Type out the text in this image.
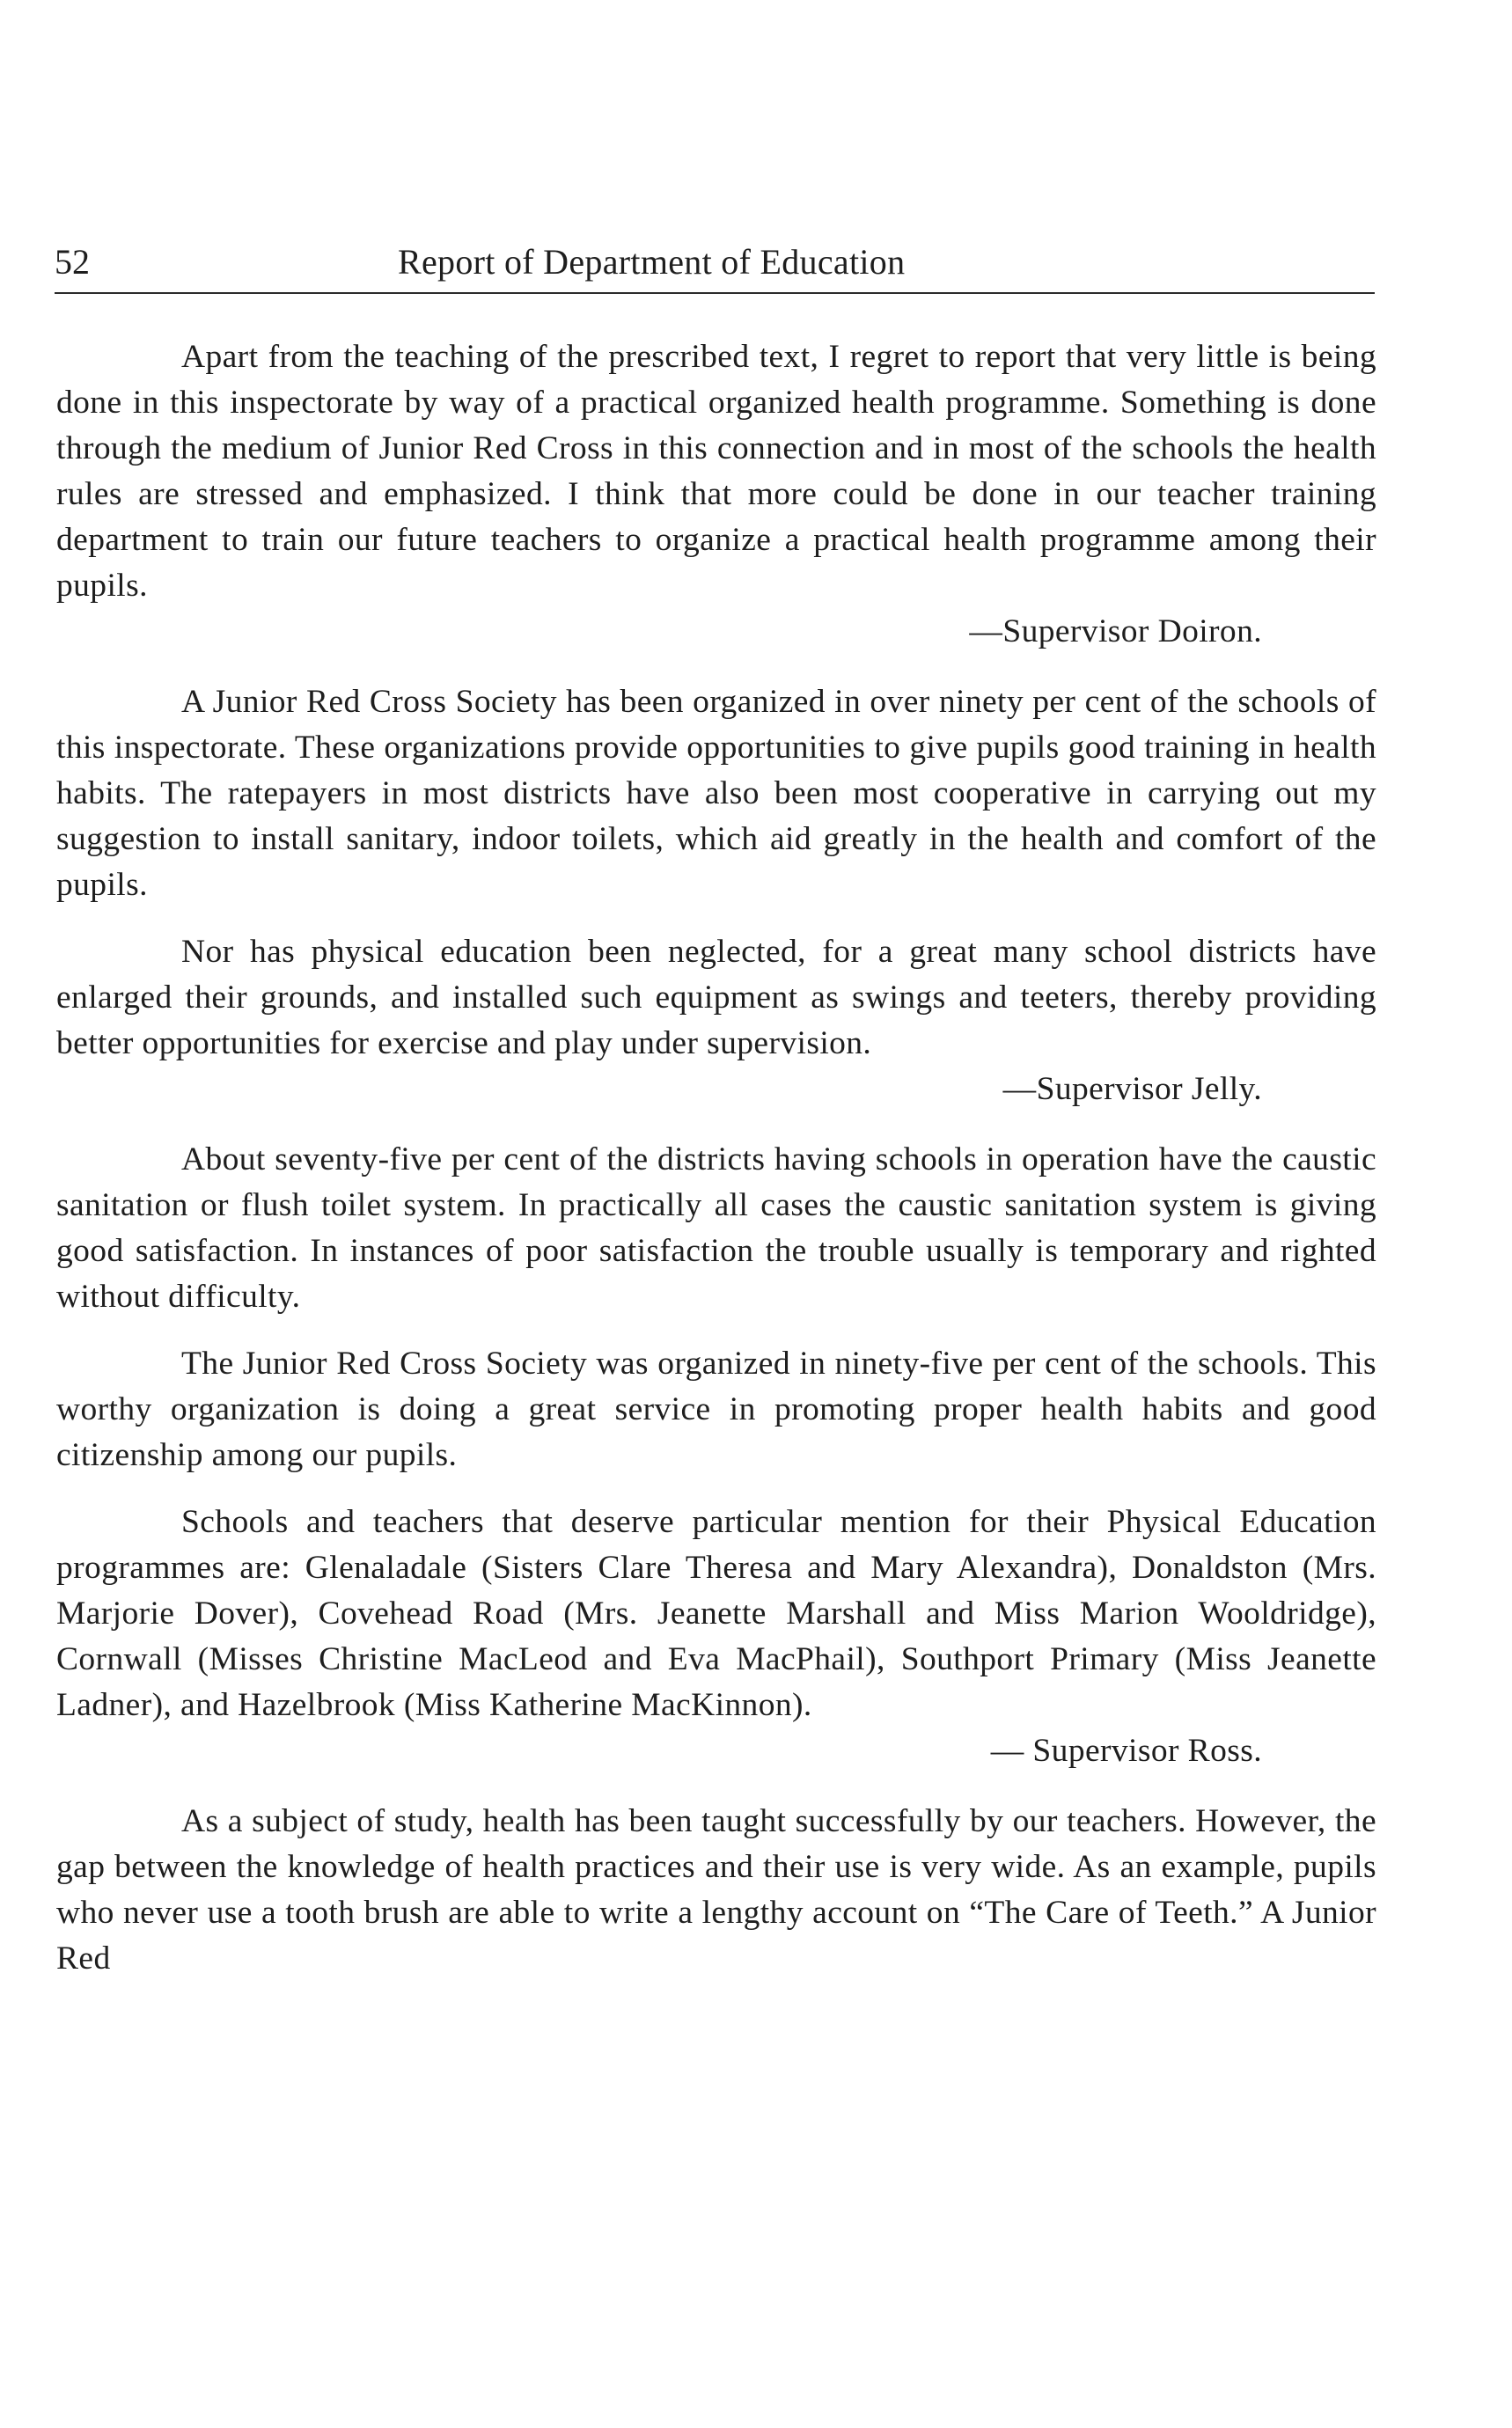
52	Report of Department of Education

Apart from the teaching of the prescribed text, I regret to report that very little is being done in this inspectorate by way of a practical organized health programme. Something is done through the medium of Junior Red Cross in this connection and in most of the schools the health rules are stressed and emphasized. I think that more could be done in our teacher training department to train our future teachers to organize a practical health programme among their pupils.

—Supervisor Doiron.

A Junior Red Cross Society has been organized in over ninety per cent of the schools of this inspectorate. These organizations provide opportunities to give pupils good training in health habits. The ratepayers in most districts have also been most cooperative in carrying out my suggestion to install sanitary, indoor toilets, which aid greatly in the health and comfort of the pupils.

Nor has physical education been neglected, for a great many school districts have enlarged their grounds, and installed such equipment as swings and teeters, thereby providing better opportunities for exercise and play under supervision.

—Supervisor Jelly.

About seventy-five per cent of the districts having schools in operation have the caustic sanitation or flush toilet system. In practically all cases the caustic sanitation system is giving good satisfaction. In instances of poor satisfaction the trouble usually is temporary and righted without difficulty.

The Junior Red Cross Society was organized in ninety-five per cent of the schools. This worthy organization is doing a great service in promoting proper health habits and good citizenship among our pupils.

Schools and teachers that deserve particular mention for their Physical Education programmes are: Glenaladale (Sisters Clare Theresa and Mary Alexandra), Donaldston (Mrs. Marjorie Dover), Covehead Road (Mrs. Jeanette Marshall and Miss Marion Wooldridge), Cornwall (Misses Christine MacLeod and Eva MacPhail), Southport Primary (Miss Jeanette Ladner), and Hazelbrook (Miss Katherine MacKinnon).

— Supervisor Ross.

As a subject of study, health has been taught successfully by our teachers. However, the gap between the knowledge of health practices and their use is very wide. As an example, pupils who never use a tooth brush are able to write a lengthy account on “The Care of Teeth.” A Junior Red
